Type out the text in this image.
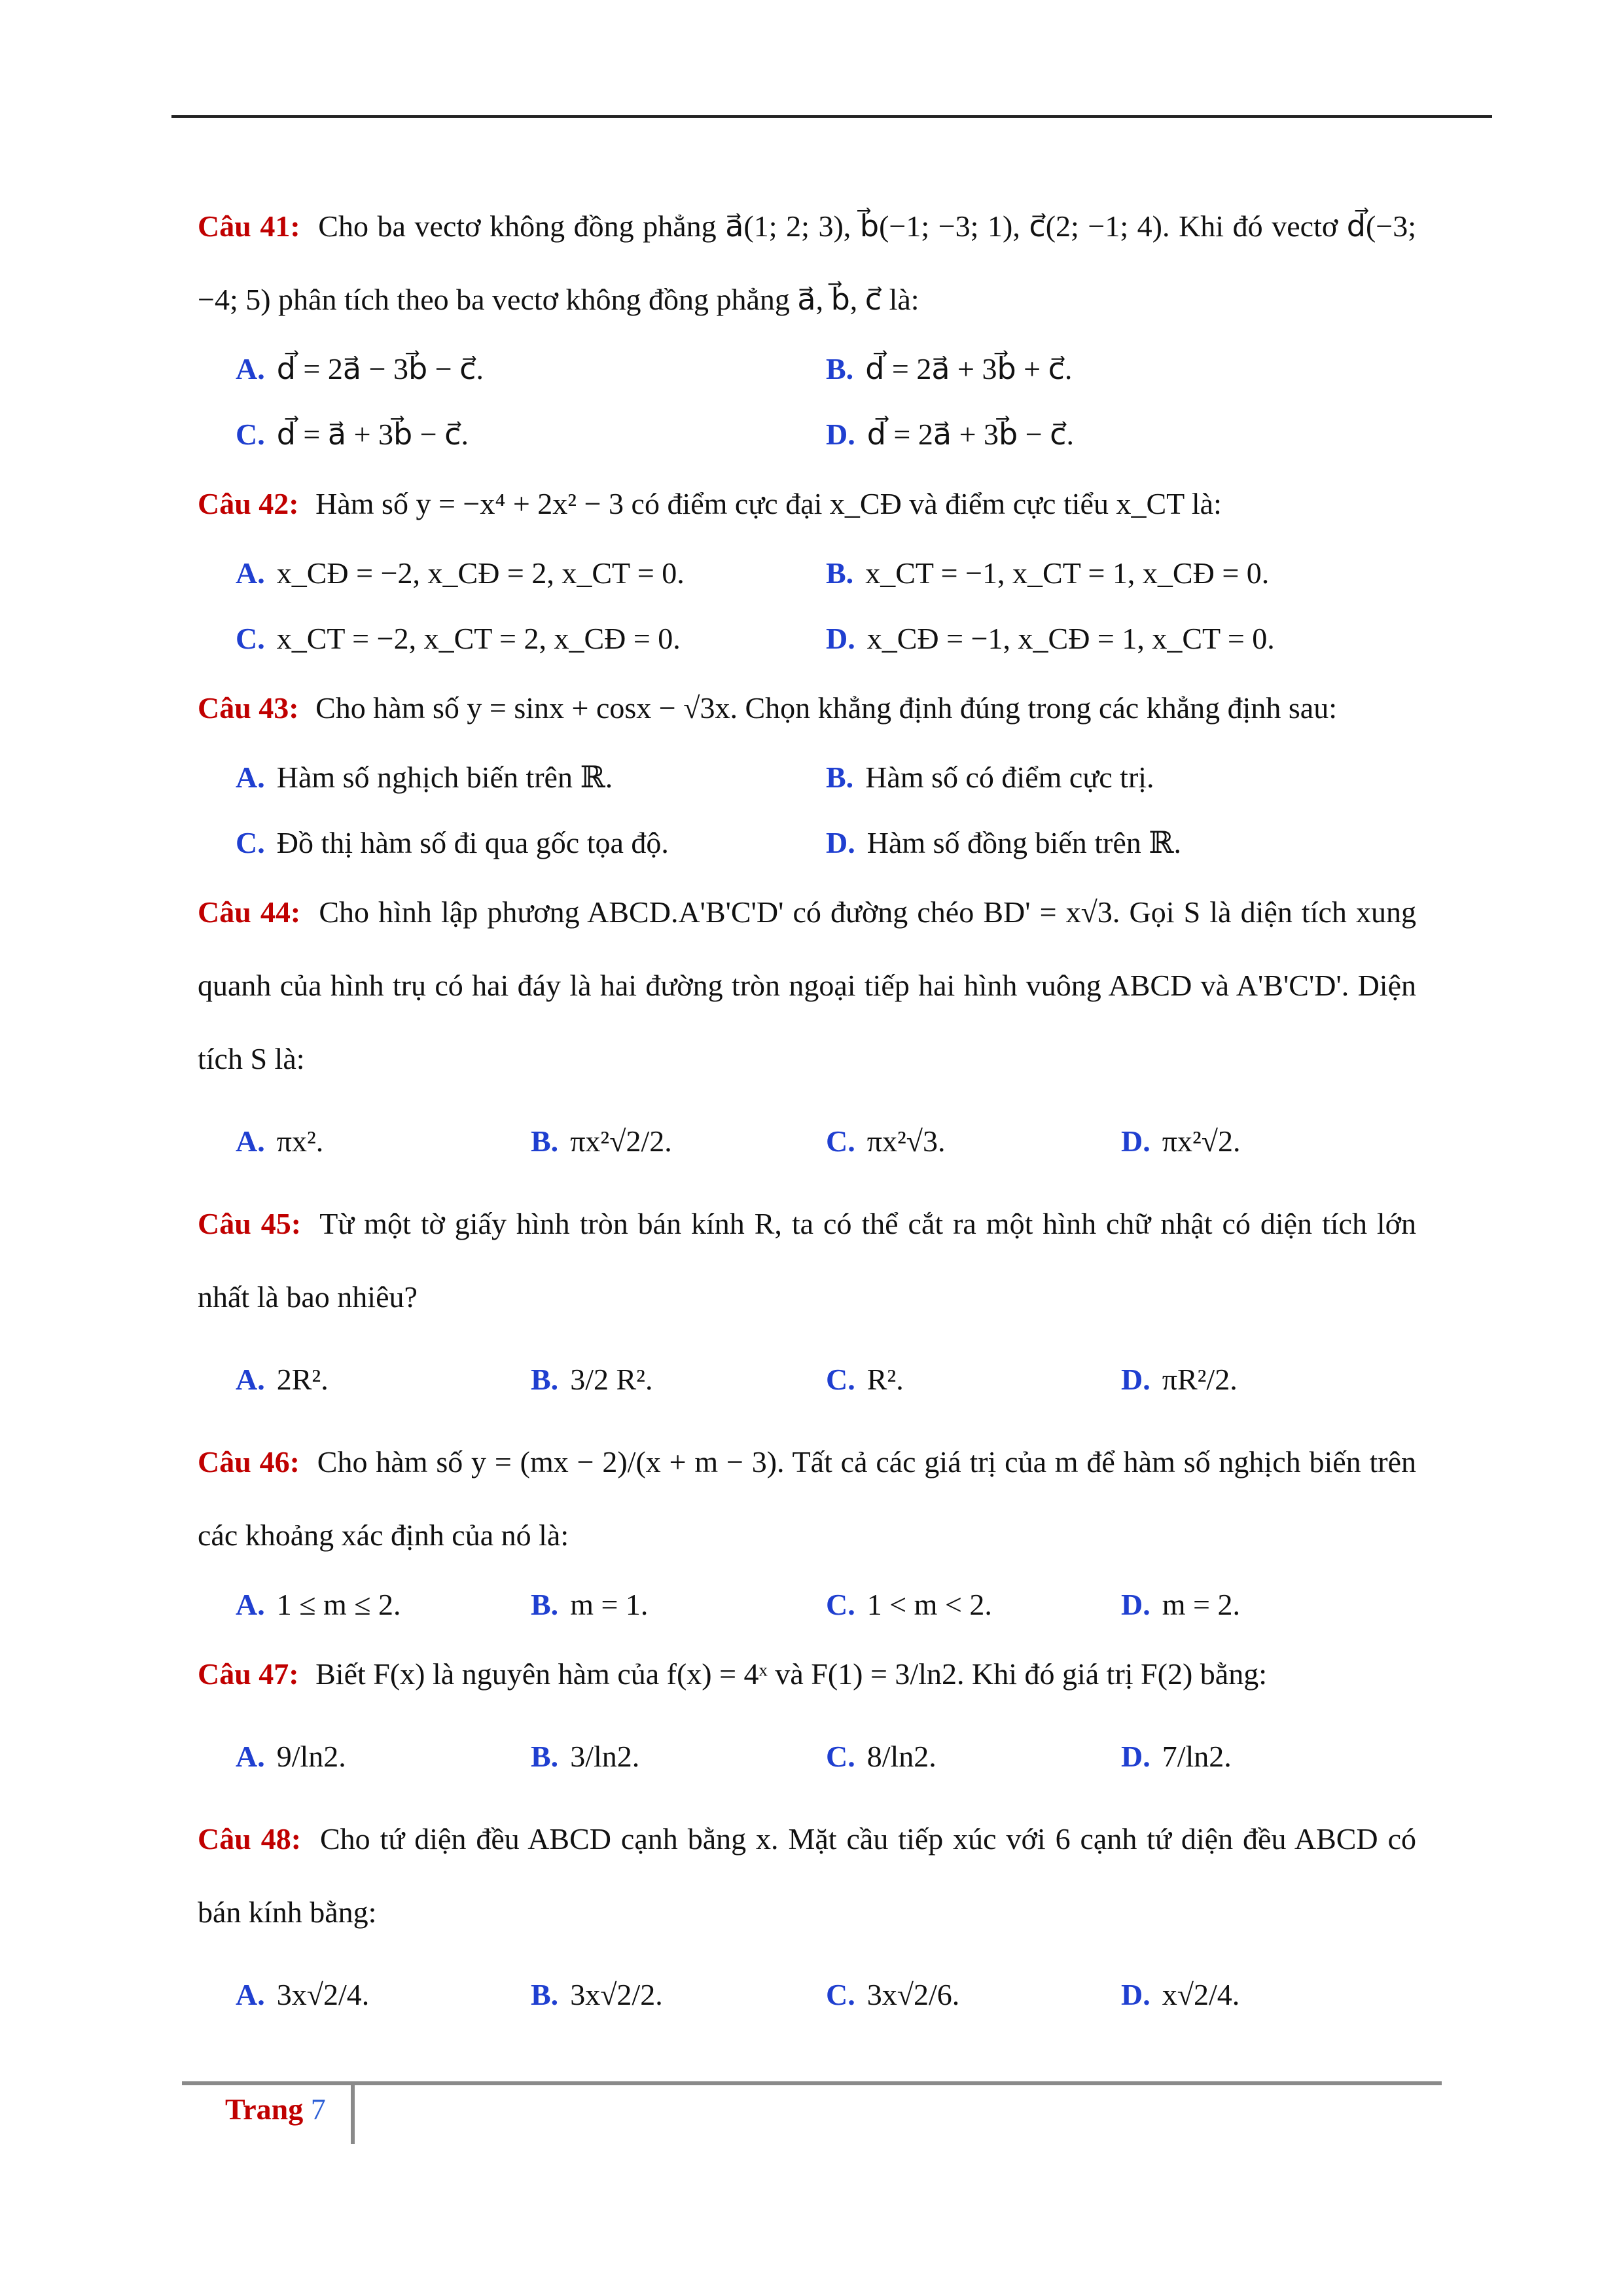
Câu 41: Cho ba vectơ không đồng phẳng a⃗(1; 2; 3), b⃗(−1; −3; 1), c⃗(2; −1; 4). Khi đó vectơ d⃗(−3; −4; 5) phân tích theo ba vectơ không đồng phẳng a⃗, b⃗, c⃗ là:
A. d⃗ = 2a⃗ − 3b⃗ − c⃗.	B. d⃗ = 2a⃗ + 3b⃗ + c⃗.
C. d⃗ = a⃗ + 3b⃗ − c⃗.	D. d⃗ = 2a⃗ + 3b⃗ − c⃗.
Câu 42: Hàm số y = −x⁴ + 2x² − 3 có điểm cực đại x_CĐ và điểm cực tiểu x_CT là:
A. x_CĐ = −2, x_CĐ = 2, x_CT = 0.	B. x_CT = −1, x_CT = 1, x_CĐ = 0.
C. x_CT = −2, x_CT = 2, x_CĐ = 0.	D. x_CĐ = −1, x_CĐ = 1, x_CT = 0.
Câu 43: Cho hàm số y = sinx + cosx − √3x. Chọn khẳng định đúng trong các khẳng định sau:
A. Hàm số nghịch biến trên ℝ.	B. Hàm số có điểm cực trị.
C. Đồ thị hàm số đi qua gốc tọa độ.	D. Hàm số đồng biến trên ℝ.
Câu 44: Cho hình lập phương ABCD.A'B'C'D' có đường chéo BD' = x√3. Gọi S là diện tích xung quanh của hình trụ có hai đáy là hai đường tròn ngoại tiếp hai hình vuông ABCD và A'B'C'D'. Diện tích S là:
A. πx².	B. πx²√2/2.	C. πx²√3.	D. πx²√2.
Câu 45: Từ một tờ giấy hình tròn bán kính R, ta có thể cắt ra một hình chữ nhật có diện tích lớn nhất là bao nhiêu?
A. 2R².	B. 3/2 R².	C. R².	D. πR²/2.
Câu 46: Cho hàm số y = (mx − 2)/(x + m − 3). Tất cả các giá trị của m để hàm số nghịch biến trên các khoảng xác định của nó là:
A. 1 ≤ m ≤ 2.	B. m = 1.	C. 1 < m < 2.	D. m = 2.
Câu 47: Biết F(x) là nguyên hàm của f(x) = 4ˣ và F(1) = 3/ln2. Khi đó giá trị F(2) bằng:
A. 9/ln2.	B. 3/ln2.	C. 8/ln2.	D. 7/ln2.
Câu 48: Cho tứ diện đều ABCD cạnh bằng x. Mặt cầu tiếp xúc với 6 cạnh tứ diện đều ABCD có bán kính bằng:
A. 3x√2/4.	B. 3x√2/2.	C. 3x√2/6.	D. x√2/4.
Trang 7
